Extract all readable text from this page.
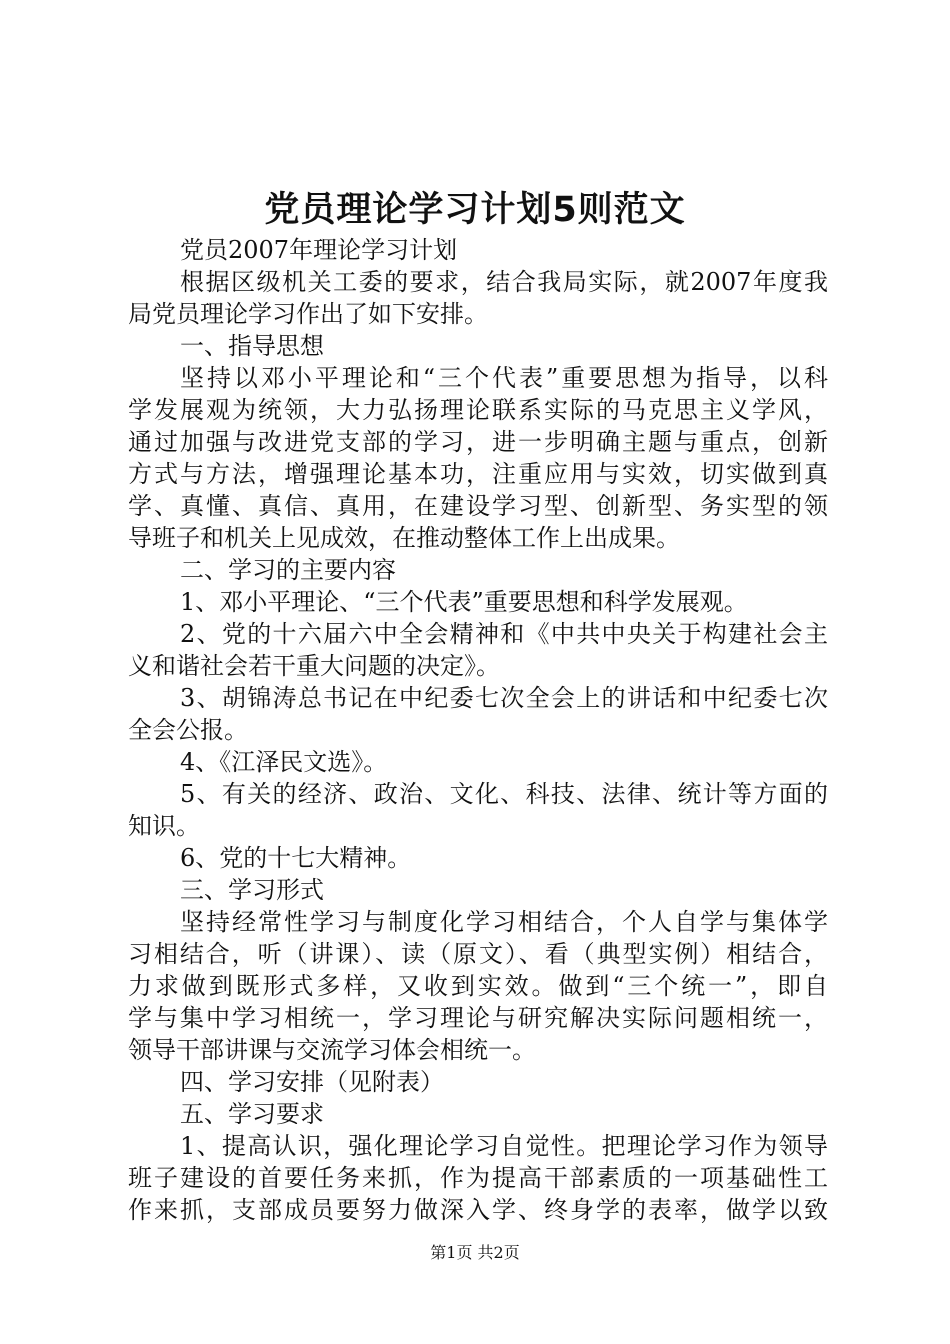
党员理论学习计划5则范文
党员2007年理论学习计划
根据区级机关工委的要求，结合我局实际，就2007年度我
局党员理论学习作出了如下安排。
一、指导思想
坚持以邓小平理论和“三个代表”重要思想为指导，以科
学发展观为统领，大力弘扬理论联系实际的马克思主义学风，
通过加强与改进党支部的学习，进一步明确主题与重点，创新
方式与方法，增强理论基本功，注重应用与实效，切实做到真
学、真懂、真信、真用，在建设学习型、创新型、务实型的领
导班子和机关上见成效，在推动整体工作上出成果。
二、学习的主要内容
1、邓小平理论、“三个代表”重要思想和科学发展观。
2、党的十六届六中全会精神和《中共中央关于构建社会主
义和谐社会若干重大问题的决定》。
3、胡锦涛总书记在中纪委七次全会上的讲话和中纪委七次
全会公报。
4、《江泽民文选》。
5、有关的经济、政治、文化、科技、法律、统计等方面的
知识。
6、党的十七大精神。
三、学习形式
坚持经常性学习与制度化学习相结合，个人自学与集体学
习相结合，听（讲课）、读（原文）、看（典型实例）相结合，
力求做到既形式多样，又收到实效。做到“三个统一”，即自
学与集中学习相统一，学习理论与研究解决实际问题相统一，
领导干部讲课与交流学习体会相统一。
四、学习安排（见附表）
五、学习要求
1、提高认识，强化理论学习自觉性。把理论学习作为领导
班子建设的首要任务来抓，作为提高干部素质的一项基础性工
作来抓，支部成员要努力做深入学、终身学的表率，做学以致
第1页 共2页
